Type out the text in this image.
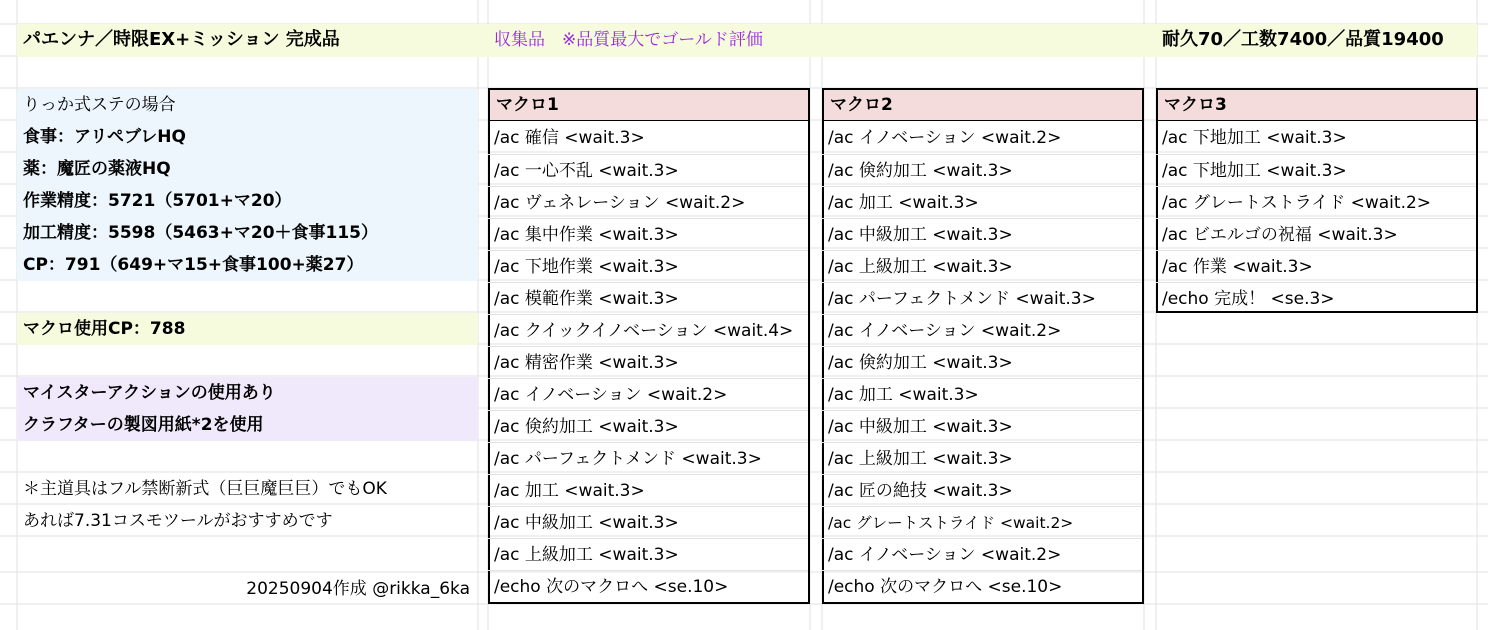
パエンナ／時限EX+ミッション 完成品	収集品　※品質最大でゴールド評価	耐久70／工数7400／品質19400
りっか式ステの場合
食事：アリペブレHQ
薬：魔匠の薬液HQ
作業精度：5721（5701+マ20）
加工精度：5598（5463+マ20＋食事115）
CP：791（649+マ15+食事100+薬27）
マクロ使用CP：788
マイスターアクションの使用あり
クラフターの製図用紙*2を使用
＊主道具はフル禁断新式（巨巨魔巨巨）でもOK
あれば7.31コスモツールがおすすめです
20250904作成 @rikka_6ka
マクロ1
/ac 確信 <wait.3>
/ac 一心不乱 <wait.3>
/ac ヴェネレーション <wait.2>
/ac 集中作業 <wait.3>
/ac 下地作業 <wait.3>
/ac 模範作業 <wait.3>
/ac クイックイノベーション <wait.4>
/ac 精密作業 <wait.3>
/ac イノベーション <wait.2>
/ac 倹約加工 <wait.3>
/ac パーフェクトメンド <wait.3>
/ac 加工 <wait.3>
/ac 中級加工 <wait.3>
/ac 上級加工 <wait.3>
/echo 次のマクロへ <se.10>
マクロ2
/ac イノベーション <wait.2>
/ac 倹約加工 <wait.3>
/ac 加工 <wait.3>
/ac 中級加工 <wait.3>
/ac 上級加工 <wait.3>
/ac パーフェクトメンド <wait.3>
/ac イノベーション <wait.2>
/ac 倹約加工 <wait.3>
/ac 加工 <wait.3>
/ac 中級加工 <wait.3>
/ac 上級加工 <wait.3>
/ac 匠の絶技 <wait.3>
/ac グレートストライド <wait.2>
/ac イノベーション <wait.2>
/echo 次のマクロへ <se.10>
マクロ3
/ac 下地加工 <wait.3>
/ac 下地加工 <wait.3>
/ac グレートストライド <wait.2>
/ac ビエルゴの祝福 <wait.3>
/ac 作業 <wait.3>
/echo 完成！ <se.3>
